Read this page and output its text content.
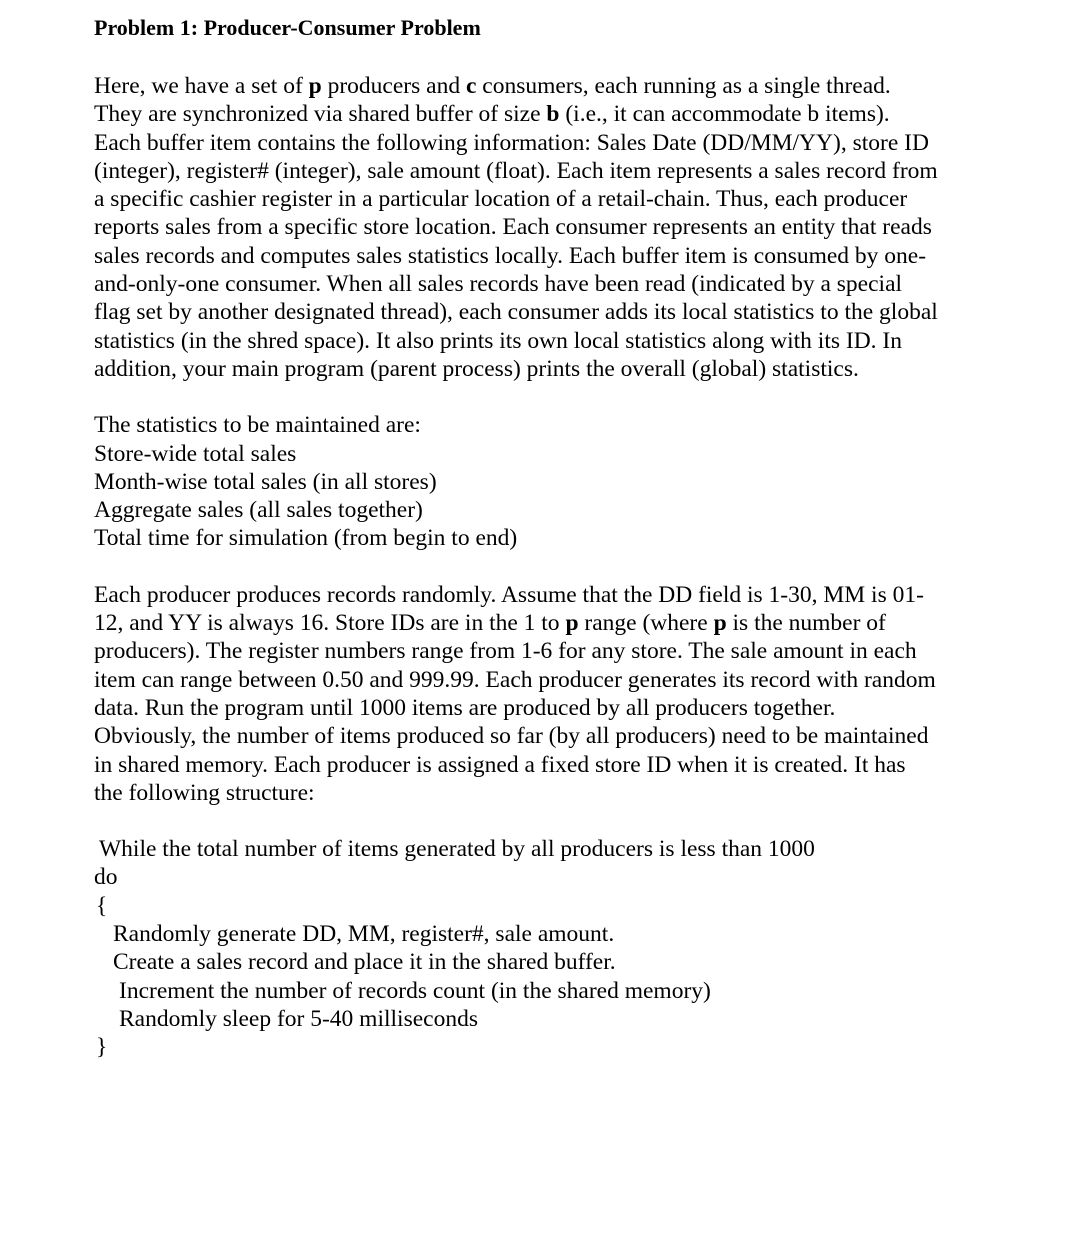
Problem 1: Producer-Consumer Problem
Here, we have a set of p producers and c consumers, each running as a single thread.
They are synchronized via shared buffer of size b (i.e., it can accommodate b items).
Each buffer item contains the following information: Sales Date (DD/MM/YY), store ID
(integer), register# (integer), sale amount (float). Each item represents a sales record from
a specific cashier register in a particular location of a retail-chain. Thus, each producer
reports sales from a specific store location. Each consumer represents an entity that reads
sales records and computes sales statistics locally. Each buffer item is consumed by one-
and-only-one consumer. When all sales records have been read (indicated by a special
flag set by another designated thread), each consumer adds its local statistics to the global
statistics (in the shred space). It also prints its own local statistics along with its ID. In
addition, your main program (parent process) prints the overall (global) statistics.
The statistics to be maintained are:
Store-wide total sales
Month-wise total sales (in all stores)
Aggregate sales (all sales together)
Total time for simulation (from begin to end)
Each producer produces records randomly. Assume that the DD field is 1-30, MM is 01-
12, and YY is always 16. Store IDs are in the 1 to p range (where p is the number of
producers). The register numbers range from 1-6 for any store. The sale amount in each
item can range between 0.50 and 999.99. Each producer generates its record with random
data. Run the program until 1000 items are produced by all producers together.
Obviously, the number of items produced so far (by all producers) need to be maintained
in shared memory. Each producer is assigned a fixed store ID when it is created. It has
the following structure:
While the total number of items generated by all producers is less than 1000
do
{
Randomly generate DD, MM, register#, sale amount.
Create a sales record and place it in the shared buffer.
Increment the number of records count (in the shared memory)
Randomly sleep for 5-40 milliseconds
}
